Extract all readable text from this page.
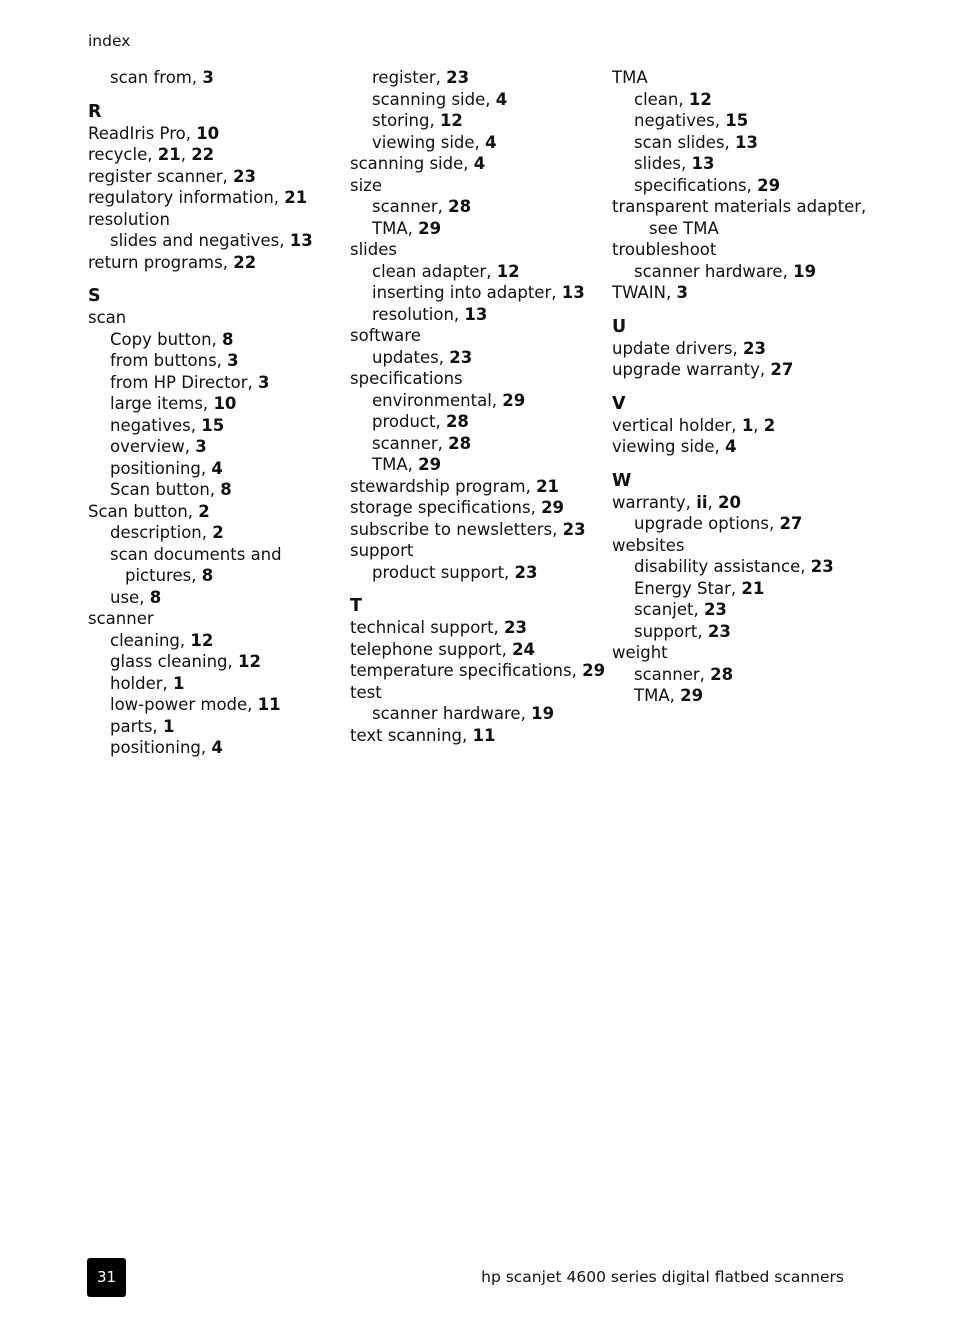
index
scan from, 3
R
ReadIris Pro, 10
recycle, 21, 22
register scanner, 23
regulatory information, 21
resolution
slides and negatives, 13
return programs, 22
S
scan
Copy button, 8
from buttons, 3
from HP Director, 3
large items, 10
negatives, 15
overview, 3
positioning, 4
Scan button, 8
Scan button, 2
description, 2
scan documents and
pictures, 8
use, 8
scanner
cleaning, 12
glass cleaning, 12
holder, 1
low-power mode, 11
parts, 1
positioning, 4
register, 23
scanning side, 4
storing, 12
viewing side, 4
scanning side, 4
size
scanner, 28
TMA, 29
slides
clean adapter, 12
inserting into adapter, 13
resolution, 13
software
updates, 23
specifications
environmental, 29
product, 28
scanner, 28
TMA, 29
stewardship program, 21
storage specifications, 29
subscribe to newsletters, 23
support
product support, 23
T
technical support, 23
telephone support, 24
temperature specifications, 29
test
scanner hardware, 19
text scanning, 11
TMA
clean, 12
negatives, 15
scan slides, 13
slides, 13
specifications, 29
transparent materials adapter,
see TMA
troubleshoot
scanner hardware, 19
TWAIN, 3
U
update drivers, 23
upgrade warranty, 27
V
vertical holder, 1, 2
viewing side, 4
W
warranty, ii, 20
upgrade options, 27
websites
disability assistance, 23
Energy Star, 21
scanjet, 23
support, 23
weight
scanner, 28
TMA, 29
31	hp scanjet 4600 series digital flatbed scanners
